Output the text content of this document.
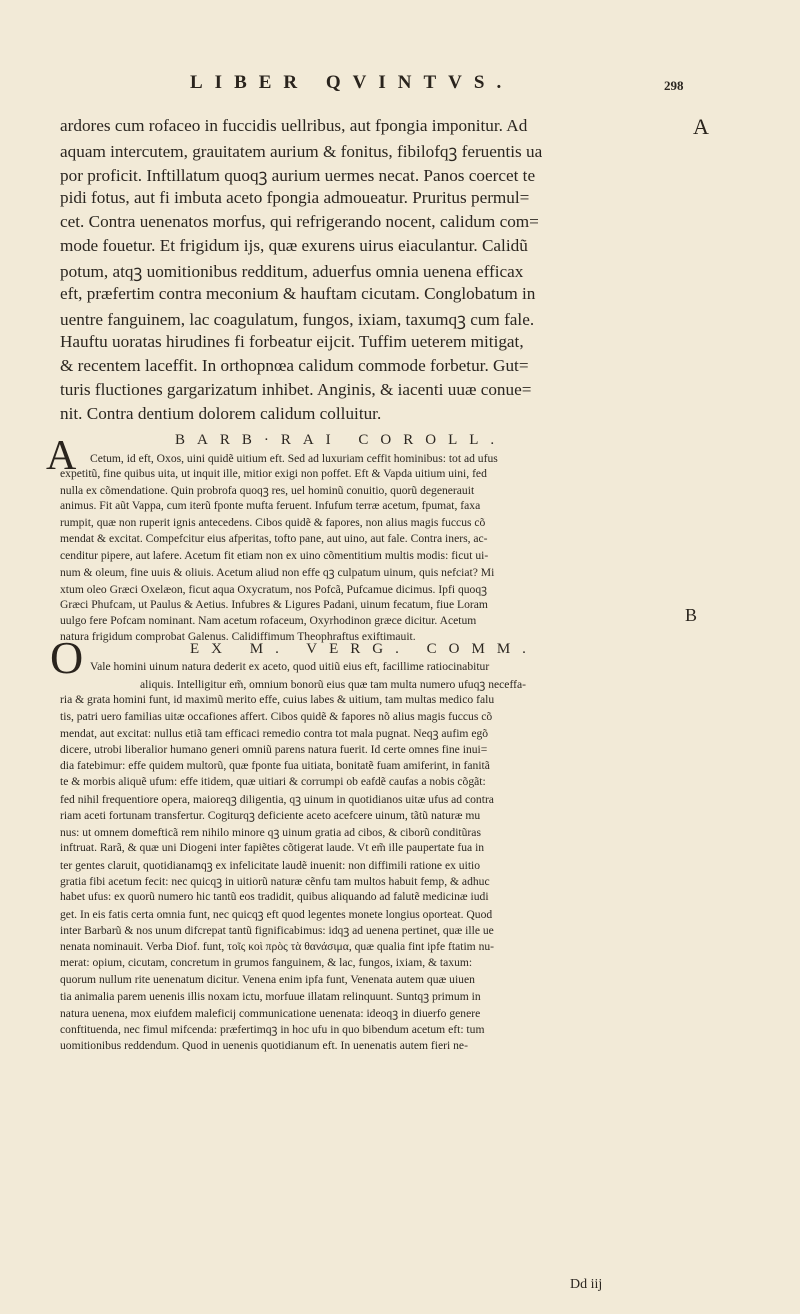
LIBER QVINTVS.	298
A
B
ardores cum rofaceo in fuccidis uellribus, aut fpongia imponitur. Ad
aquam intercutem, grauitatem aurium & fonitus, fibilofqꝫ feruentis ua
por proficit. Inftillatum quoqꝫ aurium uermes necat. Panos coercet te
pidi fotus, aut fi imbuta aceto fpongia admoueatur. Pruritus permul=
cet. Contra uenenatos morfus, qui refrigerando nocent, calidum com=
mode fouetur. Et frigidum ijs, quæ exurens uirus eiaculantur. Calidũ
potum, atqꝫ uomitionibus redditum, aduerfus omnia uenena efficax
eft, præfertim contra meconium & hauftam cicutam. Conglobatum in
uentre fanguinem, lac coagulatum, fungos, ixiam, taxumqꝫ cum fale.
Hauftu uoratas hirudines fi forbeatur eijcit. Tuffim ueterem mitigat,
& recentem laceffit. In orthopnœa calidum commode forbetur. Gut=
turis fluctiones gargarizatum inhibet. Anginis, & iacenti uuæ conue=
nit. Contra dentium dolorem calidum colluitur.
A	BARB·RAI COROLL.
Cetum, id eft, Oxos, uini quidẽ uitium eft. Sed ad luxuriam ceffit hominibus: tot ad ufus
expetitũ, fine quibus uita, ut inquit ille, mitior exigi non poffet. Eft & Vapda uitium uini, fed
nulla ex cõmendatione. Quin probrofa quoqꝫ res, uel hominũ conuitio, quorũ degenerauit
animus. Fit aũt Vappa, cum iterũ fponte mufta feruent. Infufum terræ acetum, fpumat, faxa
rumpit, quæ non ruperit ignis antecedens. Cibos quidẽ & fapores, non alius magis fuccus cõ
mendat & excitat. Compefcitur eius afperitas, tofto pane, aut uino, aut fale. Contra iners, ac-
cenditur pipere, aut lafere. Acetum fit etiam non ex uino cõmentitium multis modis: ficut ui-
num & oleum, fine uuis & oliuis. Acetum aliud non effe qꝫ culpatum uinum, quis nefciat? Mi
xtum oleo Græci Oxelæon, ficut aqua Oxycratum, nos Pofcã, Pufcamue dicimus. Ipfi quoqꝫ
Græci Phufcam, ut Paulus & Aetius. Infubres & Ligures Padani, uinum fecatum, fiue Loram
uulgo fere Pofcam nominant. Nam acetum rofaceum, Oxyrhodinon græce dicitur. Acetum
natura frigidum comprobat Galenus. Calidiffimum Theophraftus exiftimauit.
O	EX M. VERG. COMM.
Vale homini uinum natura dederit ex aceto, quod uitiũ eius eft, facillime ratiocinabitur
aliquis. Intelligitur em̃, omnium bonorũ eius quæ tam multa numero ufuqꝫ neceffa-
ria & grata homini funt, id maximũ merito effe, cuius labes & uitium, tam multas medico falu
tis, patri uero familias uitæ occafiones affert. Cibos quidẽ & fapores nõ alius magis fuccus cõ
mendat, aut excitat: nullus etiã tam efficaci remedio contra tot mala pugnat. Neqꝫ aufim egõ
dicere, utrobi liberalior humano generi omniũ parens natura fuerit. Id certe omnes fine inui=
dia fatebimur: effe quidem multorũ, quæ fponte fua uitiata, bonitatẽ fuam amiferint, in fanitã
te & morbis aliquẽ ufum: effe itidem, quæ uitiari & corrumpi ob eafdẽ caufas a nobis cõgãt:
fed nihil frequentiore opera, maioreqꝫ diligentia, qꝫ uinum in quotidianos uitæ ufus ad contra
riam aceti fortunam transfertur. Cogiturqꝫ deficiente aceto acefcere uinum, tãtũ naturæ mu
nus: ut omnem domefticã rem nihilo minore qꝫ uinum gratia ad cibos, & ciborũ conditũras
inftruat. Rarã, & quæ uni Diogeni inter fapiẽtes cõtigerat laude. Vt em̃ ille paupertate fua in
ter gentes claruit, quotidianamqꝫ ex infelicitate laudẽ inuenit: non diffimili ratione ex uitio
gratia fibi acetum fecit: nec quicqꝫ in uitiorũ naturæ cẽnfu tam multos habuit femp, & adhuc
habet ufus: ex quorũ numero hic tantũ eos tradidit, quibus aliquando ad falutẽ medicinæ iudi
get. In eis fatis certa omnia funt, nec quicqꝫ eft quod legentes monete longius oporteat. Quod
inter Barbarũ & nos unum difcrepat tantũ fignificabimus: idqꝫ ad uenena pertinet, quæ ille ue
nenata nominauit. Verba Diof. funt, τοῖς κοὶ πρὸς τὰ θανάσιμα, quæ qualia fint ipfe ftatim nu-
merat: opium, cicutam, concretum in grumos fanguinem, & lac, fungos, ixiam, & taxum:
quorum nullum rite uenenatum dicitur. Venena enim ipfa funt, Venenata autem quæ uiuen
tia animalia parem uenenis illis noxam ictu, morfuue illatam relinquunt. Suntqꝫ primum in
natura uenena, mox eiufdem maleficij communicatione uenenata: ideoqꝫ in diuerfo genere
conftituenda, nec fimul mifcenda: præfertimqꝫ in hoc ufu in quo bibendum acetum eft: tum
uomitionibus reddendum. Quod in uenenis quotidianum eft. In uenenatis autem fieri ne-
Dd iij
